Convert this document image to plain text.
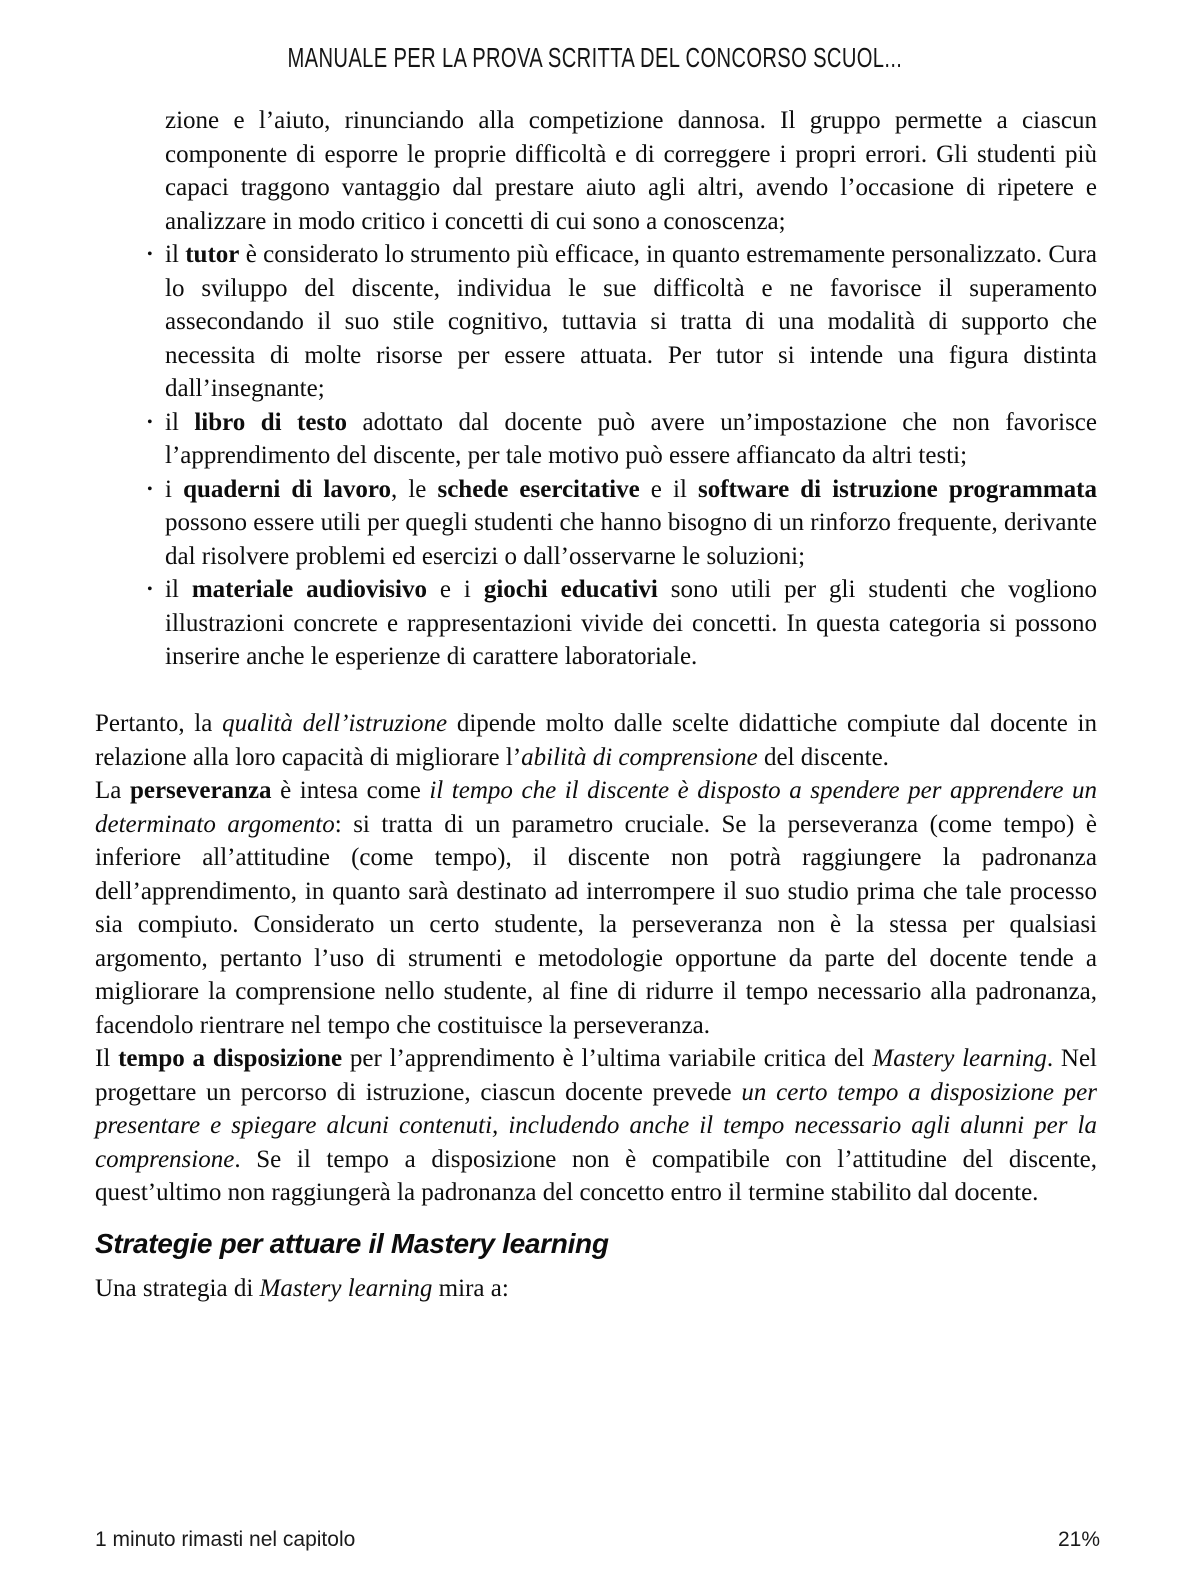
MANUALE PER LA PROVA SCRITTA DEL CONCORSO SCUOL...
zione e l’aiuto, rinunciando alla competizione dannosa. Il gruppo permette a ciascun componente di esporre le proprie difficoltà e di correggere i propri errori. Gli studenti più capaci traggono vantaggio dal prestare aiuto agli altri, avendo l’occasione di ripetere e analizzare in modo critico i concetti di cui sono a conoscenza;
• il tutor è considerato lo strumento più efficace, in quanto estremamente personalizzato. Cura lo sviluppo del discente, individua le sue difficoltà e ne favorisce il superamento assecondando il suo stile cognitivo, tuttavia si tratta di una modalità di supporto che necessita di molte risorse per essere attuata. Per tutor si intende una figura distinta dall’insegnante;
• il libro di testo adottato dal docente può avere un’impostazione che non favorisce l’apprendimento del discente, per tale motivo può essere affiancato da altri testi;
• i quaderni di lavoro, le schede esercitative e il software di istruzione programmata possono essere utili per quegli studenti che hanno bisogno di un rinforzo frequente, derivante dal risolvere problemi ed esercizi o dall’osservarne le soluzioni;
• il materiale audiovisivo e i giochi educativi sono utili per gli studenti che vogliono illustrazioni concrete e rappresentazioni vivide dei concetti. In questa categoria si possono inserire anche le esperienze di carattere laboratoriale.
Pertanto, la qualità dell’istruzione dipende molto dalle scelte didattiche compiute dal docente in relazione alla loro capacità di migliorare l’abilità di comprensione del discente.
La perseveranza è intesa come il tempo che il discente è disposto a spendere per apprendere un determinato argomento: si tratta di un parametro cruciale. Se la perseveranza (come tempo) è inferiore all’attitudine (come tempo), il discente non potrà raggiungere la padronanza dell’apprendimento, in quanto sarà destinato ad interrompere il suo studio prima che tale processo sia compiuto. Considerato un certo studente, la perseveranza non è la stessa per qualsiasi argomento, pertanto l’uso di strumenti e metodologie opportune da parte del docente tende a migliorare la comprensione nello studente, al fine di ridurre il tempo necessario alla padronanza, facendolo rientrare nel tempo che costituisce la perseveranza.
Il tempo a disposizione per l’apprendimento è l’ultima variabile critica del Mastery learning. Nel progettare un percorso di istruzione, ciascun docente prevede un certo tempo a disposizione per presentare e spiegare alcuni contenuti, includendo anche il tempo necessario agli alunni per la comprensione. Se il tempo a disposizione non è compatibile con l’attitudine del discente, quest’ultimo non raggiungerà la padronanza del concetto entro il termine stabilito dal docente.
Strategie per attuare il Mastery learning
Una strategia di Mastery learning mira a:
1 minuto rimasti nel capitolo	21%
